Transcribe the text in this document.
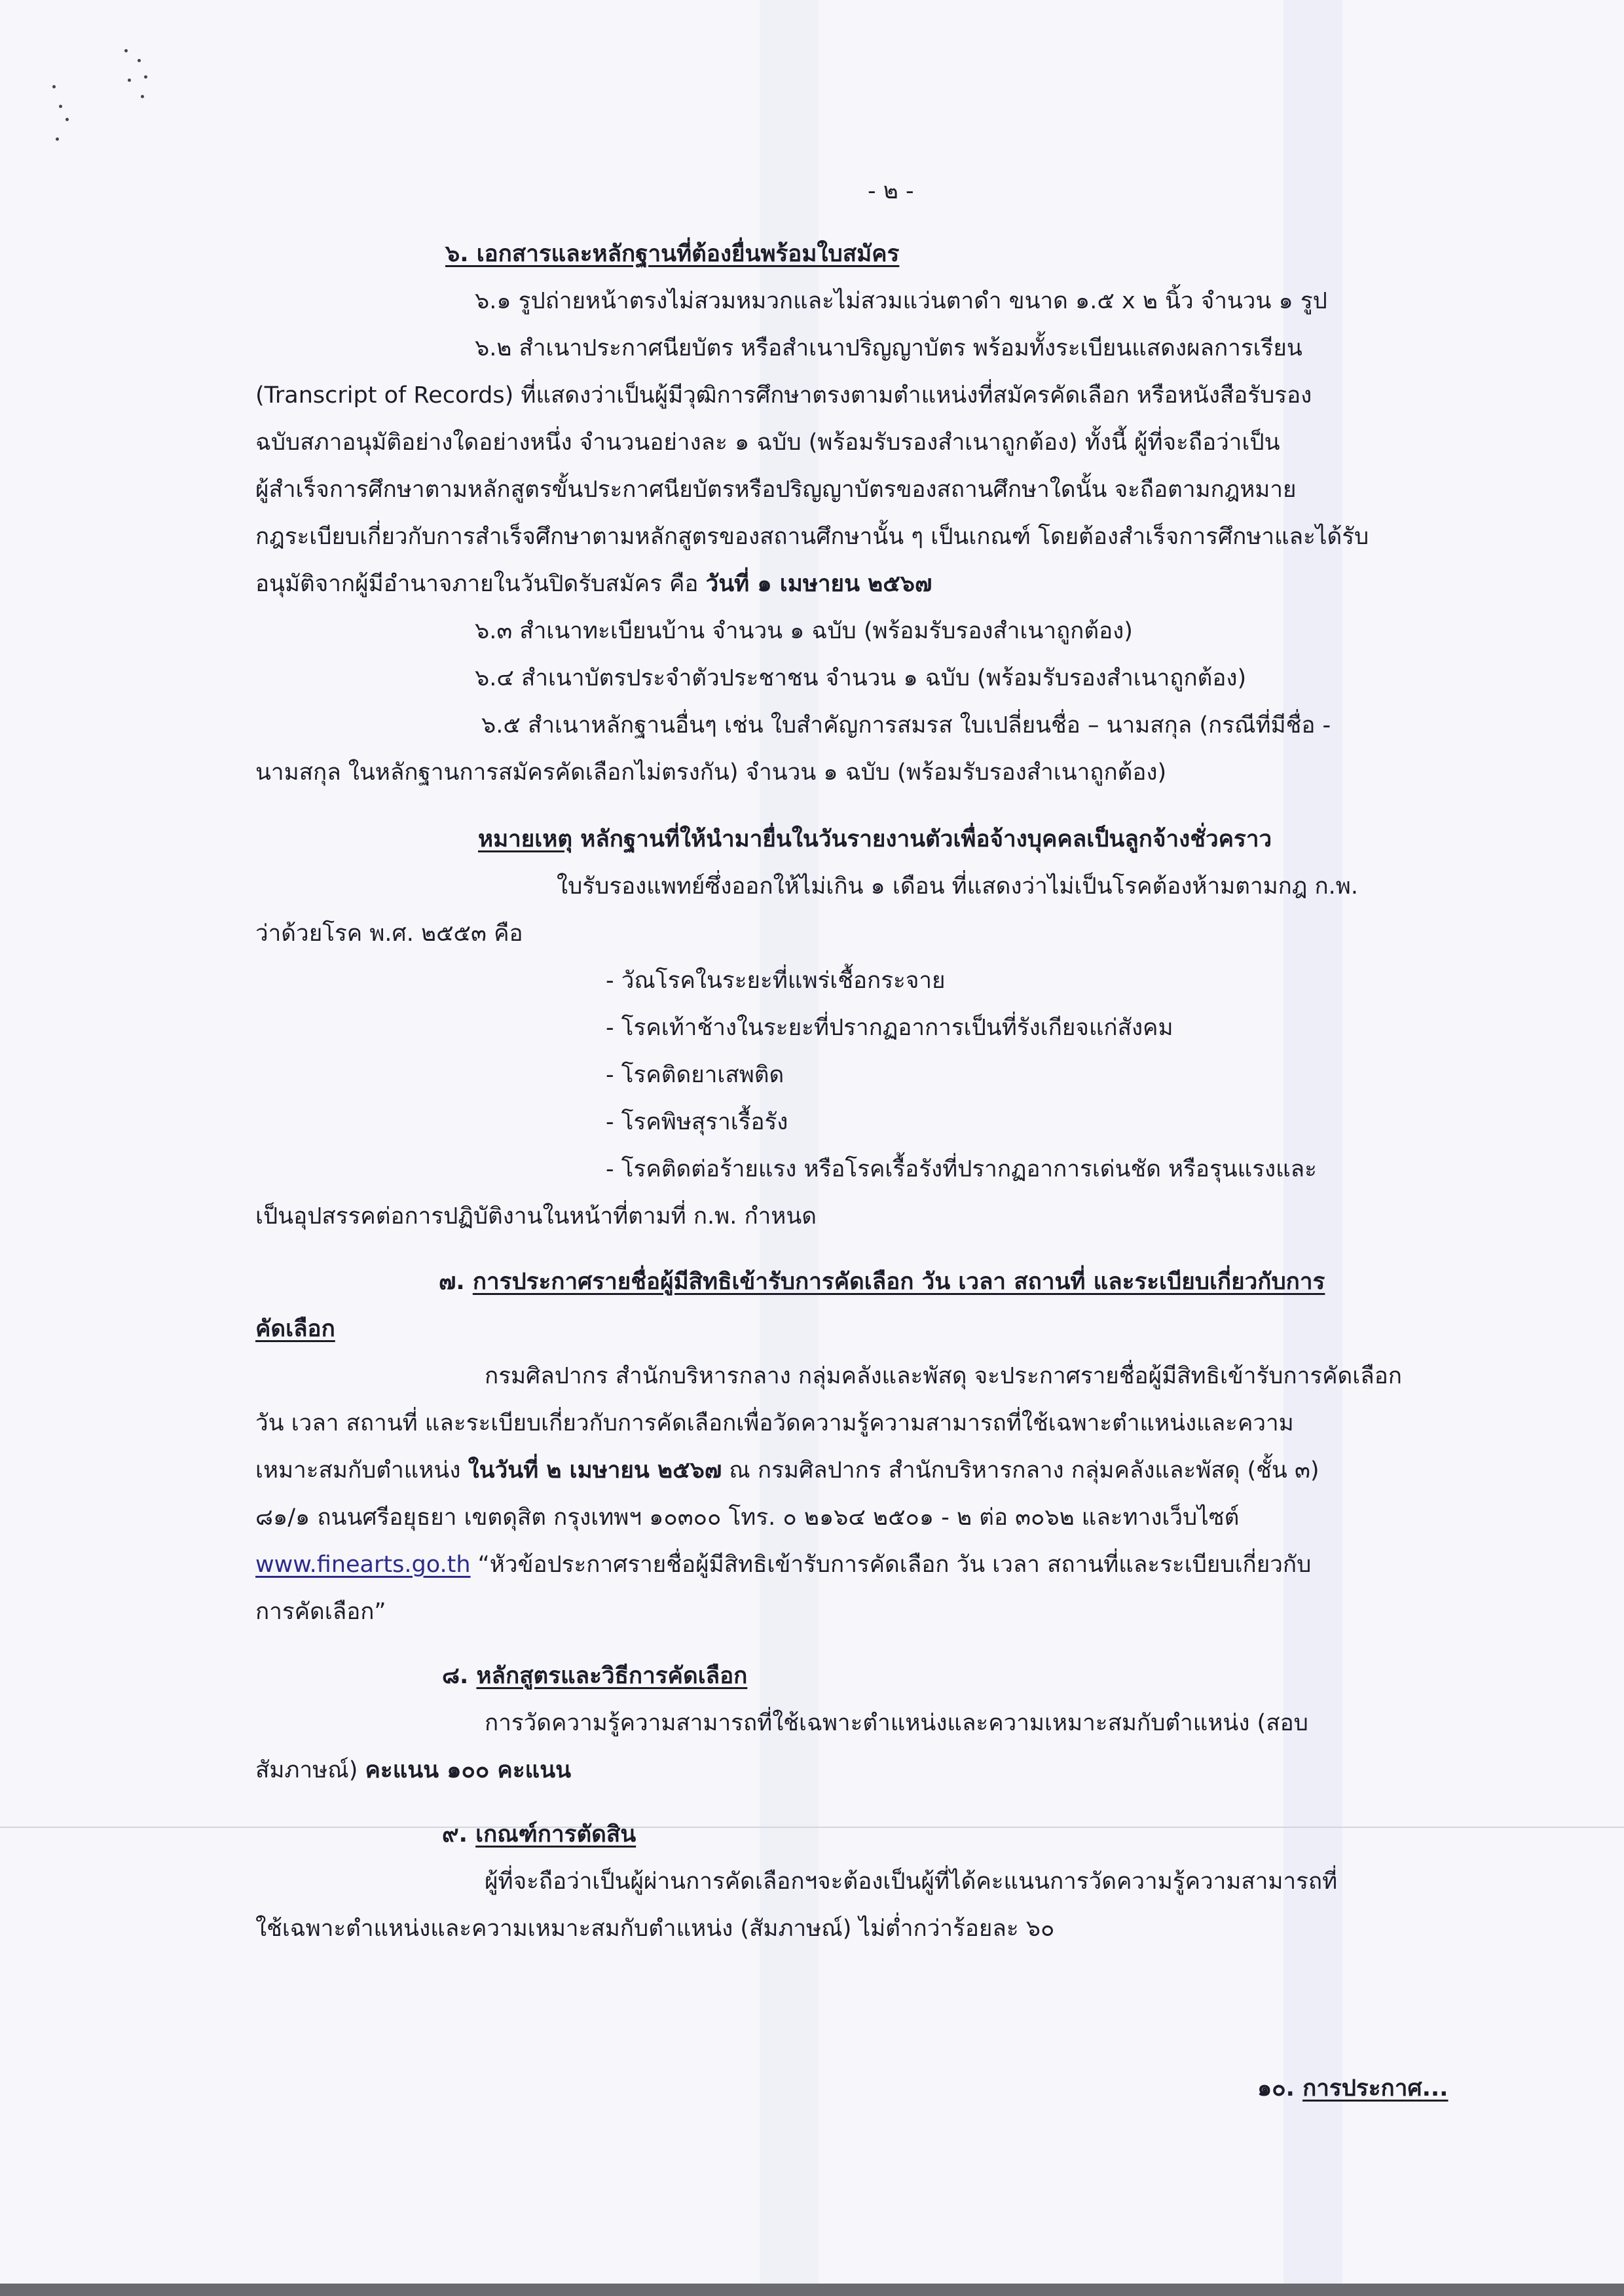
- ๒ -

๖. เอกสารและหลักฐานที่ต้องยื่นพร้อมใบสมัคร

๖.๑ รูปถ่ายหน้าตรงไม่สวมหมวกและไม่สวมแว่นตาดำ ขนาด ๑.๕ x ๒ นิ้ว จำนวน ๑ รูป

๖.๒ สำเนาประกาศนียบัตร หรือสำเนาปริญญาบัตร พร้อมทั้งระเบียนแสดงผลการเรียน

(Transcript of Records) ที่แสดงว่าเป็นผู้มีวุฒิการศึกษาตรงตามตำแหน่งที่สมัครคัดเลือก หรือหนังสือรับรอง

ฉบับสภาอนุมัติอย่างใดอย่างหนึ่ง จำนวนอย่างละ ๑ ฉบับ (พร้อมรับรองสำเนาถูกต้อง) ทั้งนี้ ผู้ที่จะถือว่าเป็น

ผู้สำเร็จการศึกษาตามหลักสูตรขั้นประกาศนียบัตรหรือปริญญาบัตรของสถานศึกษาใดนั้น จะถือตามกฎหมาย

กฎระเบียบเกี่ยวกับการสำเร็จศึกษาตามหลักสูตรของสถานศึกษานั้น ๆ เป็นเกณฑ์ โดยต้องสำเร็จการศึกษาและได้รับ

อนุมัติจากผู้มีอำนาจภายในวันปิดรับสมัคร คือ วันที่ ๑ เมษายน ๒๕๖๗

๖.๓ สำเนาทะเบียนบ้าน จำนวน ๑ ฉบับ (พร้อมรับรองสำเนาถูกต้อง)

๖.๔ สำเนาบัตรประจำตัวประชาชน จำนวน ๑ ฉบับ (พร้อมรับรองสำเนาถูกต้อง)

๖.๕ สำเนาหลักฐานอื่นๆ เช่น ใบสำคัญการสมรส ใบเปลี่ยนชื่อ – นามสกุล (กรณีที่มีชื่อ -

นามสกุล ในหลักฐานการสมัครคัดเลือกไม่ตรงกัน) จำนวน ๑ ฉบับ (พร้อมรับรองสำเนาถูกต้อง)

หมายเหตุ หลักฐานที่ให้นำมายื่นในวันรายงานตัวเพื่อจ้างบุคคลเป็นลูกจ้างชั่วคราว

ใบรับรองแพทย์ซึ่งออกให้ไม่เกิน ๑ เดือน ที่แสดงว่าไม่เป็นโรคต้องห้ามตามกฎ ก.พ.

ว่าด้วยโรค พ.ศ. ๒๕๕๓ คือ

- วัณโรคในระยะที่แพร่เชื้อกระจาย

- โรคเท้าช้างในระยะที่ปรากฏอาการเป็นที่รังเกียจแก่สังคม

- โรคติดยาเสพติด

- โรคพิษสุราเรื้อรัง

- โรคติดต่อร้ายแรง หรือโรคเรื้อรังที่ปรากฏอาการเด่นชัด หรือรุนแรงและ

เป็นอุปสรรคต่อการปฏิบัติงานในหน้าที่ตามที่ ก.พ. กำหนด

๗. การประกาศรายชื่อผู้มีสิทธิเข้ารับการคัดเลือก วัน เวลา สถานที่ และระเบียบเกี่ยวกับการ

คัดเลือก

กรมศิลปากร สำนักบริหารกลาง กลุ่มคลังและพัสดุ จะประกาศรายชื่อผู้มีสิทธิเข้ารับการคัดเลือก

วัน เวลา สถานที่ และระเบียบเกี่ยวกับการคัดเลือกเพื่อวัดความรู้ความสามารถที่ใช้เฉพาะตำแหน่งและความ

เหมาะสมกับตำแหน่ง ในวันที่ ๒ เมษายน ๒๕๖๗ ณ กรมศิลปากร สำนักบริหารกลาง กลุ่มคลังและพัสดุ (ชั้น ๓)

๘๑/๑ ถนนศรีอยุธยา เขตดุสิต กรุงเทพฯ ๑๐๓๐๐ โทร. ๐ ๒๑๖๔ ๒๕๐๑ - ๒ ต่อ ๓๐๖๒ และทางเว็บไซต์

www.finearts.go.th “หัวข้อประกาศรายชื่อผู้มีสิทธิเข้ารับการคัดเลือก วัน เวลา สถานที่และระเบียบเกี่ยวกับ

การคัดเลือก”

๘. หลักสูตรและวิธีการคัดเลือก

การวัดความรู้ความสามารถที่ใช้เฉพาะตำแหน่งและความเหมาะสมกับตำแหน่ง (สอบ

สัมภาษณ์) คะแนน ๑๐๐ คะแนน

๙. เกณฑ์การตัดสิน

ผู้ที่จะถือว่าเป็นผู้ผ่านการคัดเลือกฯจะต้องเป็นผู้ที่ได้คะแนนการวัดความรู้ความสามารถที่

ใช้เฉพาะตำแหน่งและความเหมาะสมกับตำแหน่ง (สัมภาษณ์) ไม่ต่ำกว่าร้อยละ ๖๐

๑๐. การประกาศ...
